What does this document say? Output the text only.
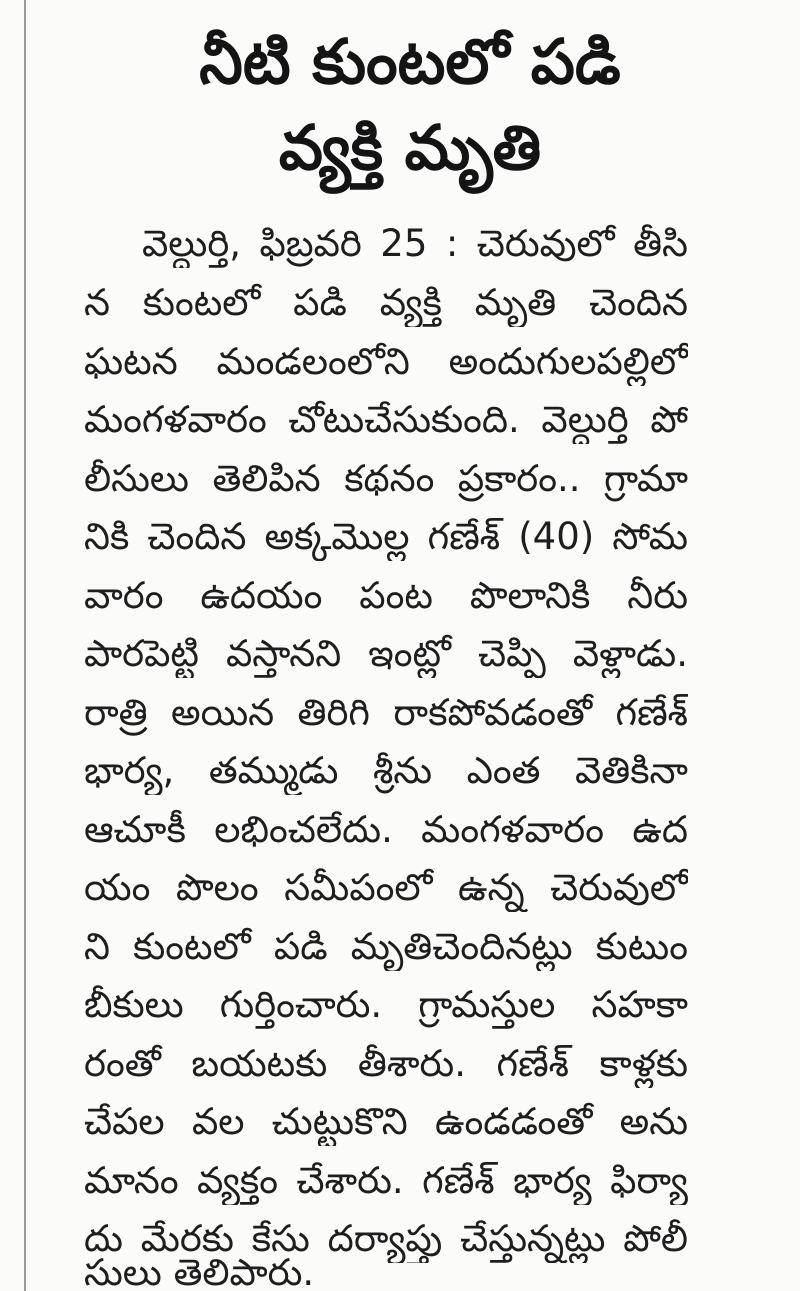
నీటి కుంటలో పడి
వ్యక్తి మృతి
వెల్దుర్తి, ఫిబ్రవరి 25 : చెరువులో తీసి
న కుంటలో పడి వ్యక్తి మృతి చెందిన
ఘటన మండలంలోని అందుగులపల్లిలో
మంగళవారం చోటుచేసుకుంది. వెల్దుర్తి పో
లీసులు తెలిపిన కథనం ప్రకారం.. గ్రామా
నికి చెందిన అక్కమొల్ల గణేశ్ (40) సోమ
వారం ఉదయం పంట పొలానికి నీరు
పారపెట్టి వస్తానని ఇంట్లో చెప్పి వెళ్లాడు.
రాత్రి అయిన తిరిగి రాకపోవడంతో గణేశ్
భార్య, తమ్ముడు శ్రీను ఎంత వెతికినా
ఆచూకీ లభించలేదు. మంగళవారం ఉద
యం పొలం సమీపంలో ఉన్న చెరువులో
ని కుంటలో పడి మృతిచెందినట్లు కుటుం
బీకులు గుర్తించారు. గ్రామస్తుల సహకా
రంతో బయటకు తీశారు. గణేశ్ కాళ్లకు
చేపల వల చుట్టుకొని ఉండడంతో అను
మానం వ్యక్తం చేశారు. గణేశ్ భార్య ఫిర్యా
దు మేరకు కేసు దర్యాప్తు చేస్తున్నట్లు పోలీ
సులు తెలిపారు.
